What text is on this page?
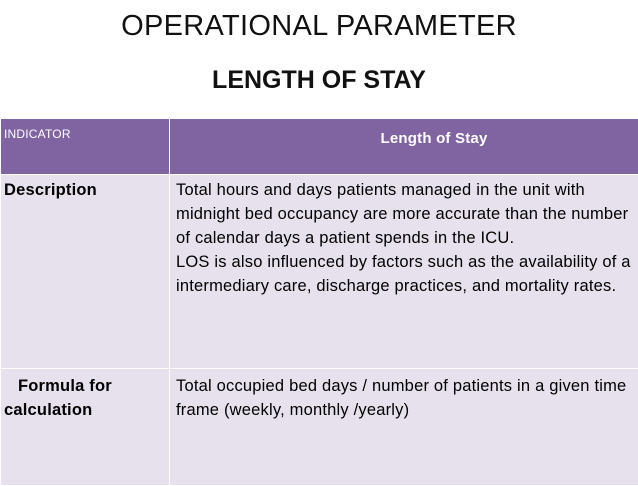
OPERATIONAL PARAMETER
LENGTH OF STAY
INDICATOR	Length of Stay
Description	Total hours and days patients managed in the unit with midnight bed occupancy are more accurate than the number of calendar days a patient spends in the ICU.

LOS is also influenced by factors such as the availability of a intermediary care, discharge practices, and mortality rates.

Formula for
calculation	Total occupied bed days / number of patients in a given time frame (weekly, monthly /yearly)
